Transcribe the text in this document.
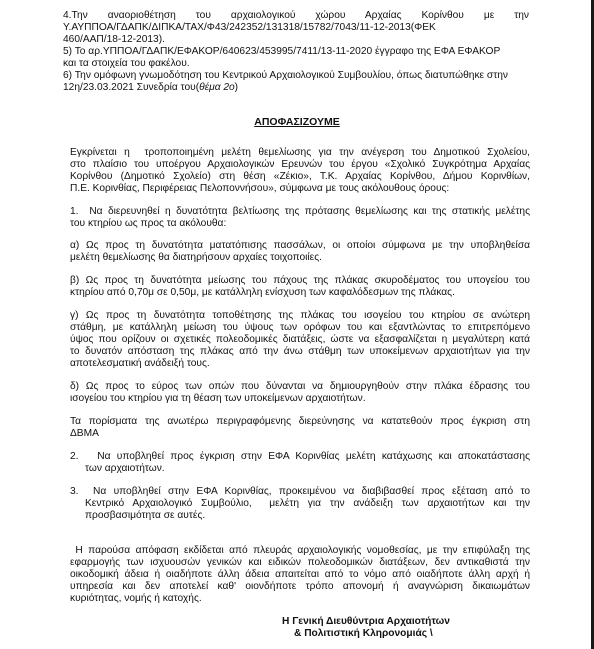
4.Την αναοριοθέτηση του αρχαιολογικού χώρου Αρχαίας Κορίνθου με την
Υ.ΑΥΠΠΟΑ/ΓΔΑΠΚ/ΔΙΠΚΑ/ΤΑΧ/Φ43/242352/131318/15782/7043/11-12-2013(ΦΕΚ
460/ΑΑΠ/18-12-2013).
5) Το αρ.ΥΠΠΟΑ/ΓΔΑΠΚ/ΕΦΑΚΟΡ/640623/453995/7411/13-11-2020 έγγραφο της ΕΦΑ ΕΦΑΚΟΡ
και τα στοιχεία του φακέλου.
6) Την ομόφωνη γνωμοδότηση του Κεντρικού Αρχαιολογικού Συμβουλίου, όπως διατυπώθηκε στην
12η/23.03.2021 Συνεδρία του(θέμα 2ο)
ΑΠΟΦΑΣΙΖΟΥΜΕ
Εγκρίνεται η  τροποποιημένη μελέτη θεμελίωσης για την ανέγερση του Δημοτικού Σχολείου,
στο πλαίσιο του υποέργου Αρχαιολογικών Ερευνών του έργου «Σχολικό Συγκρότημα Αρχαίας
Κορίνθου (Δημοτικό Σχολείο) στη θέση «Ζέκιο», Τ.Κ. Αρχαίας Κορίνθου, Δήμου Κορινθίων,
Π.Ε. Κορινθίας, Περιφέρειας Πελοποννήσου», σύμφωνα με τους ακόλουθους όρους:
1.  Να διερευνηθεί η δυνατότητα βελτίωσης της πρότασης θεμελίωσης και της στατικής μελέτης
του κτηρίου ως προς τα ακόλουθα:
α) Ως προς τη δυνατότητα ματατόπισης πασσάλων, οι οποίοι σύμφωνα με την υποβληθείσα
μελέτη θεμελίωσης θα διατηρήσουν αρχαίες τοιχοποιίες.
β) Ως προς τη δυνατότητα μείωσης του πάχους της πλάκας σκυροδέματος του υπογείου του
κτηρίου από 0,70μ σε 0,50μ, με κατάλληλη ενίσχυση των καφαλόδεσμων της πλάκας.
γ) Ως προς τη δυνατότητα τοποθέτησης της πλάκας του ισογείου του κτηρίου σε ανώτερη
στάθμη, με κατάλληλη μείωση του ύψους των ορόφων του και εξαντλώντας το επιτρεπόμενο
ύψος που ορίζουν οι σχετικές πολεοδομικές διατάξεις, ώστε να εξασφαλίζεται η μεγαλύτερη κατά
το δυνατόν απόσταση της πλάκας από την άνω στάθμη των υποκείμενων αρχαιοτήτων για την
αποτελεσματική ανάδειξή τους.
δ) Ως προς το εύρος των οπών που δύνανται να δημιουργηθούν στην πλάκα έδρασης του
ισογείου του κτηρίου για τη θέαση των υποκείμενων αρχαιοτήτων.
Τα πορίσματα της ανωτέρω περιγραφόμενης διερεύνησης να κατατεθούν προς έγκριση στη
ΔΒΜΑ
2.   Να υποβληθεί προς έγκριση στην ΕΦΑ Κορινθίας μελέτη κατάχωσης και αποκατάστασης
των αρχαιοτήτων.
3.  Να υποβληθεί στην ΕΦΑ Κορινθίας, προκειμένου να διαβιβασθεί προς εξέταση από το
Κεντρικό Αρχαιολογικό Συμβούλιο,  μελέτη για την ανάδειξη των αρχαιοτήτων και την
προσβασιμότητα σε αυτές.
Η παρούσα απόφαση εκδίδεται από πλευράς αρχαιολογικής νομοθεσίας, με την επιφύλαξη της
εφαρμογής των ισχυουσών γενικών και ειδικών πολεοδομικών διατάξεων, δεν αντικαθιστά την
οικοδομική άδεια ή οιαδήποτε άλλη άδεια απαιτείται από το νόμο από οιαδήποτε άλλη αρχή ή
υπηρεσία και δεν αποτελεί καθ' οιονδήποτε τρόπο απονομή ή αναγνώριση δικαιωμάτων
κυριότητας, νομής ή κατοχής.
Η Γενική Διευθύντρια Αρχαιοτήτων
& Πολιτιστική Κληρονομιάς \
